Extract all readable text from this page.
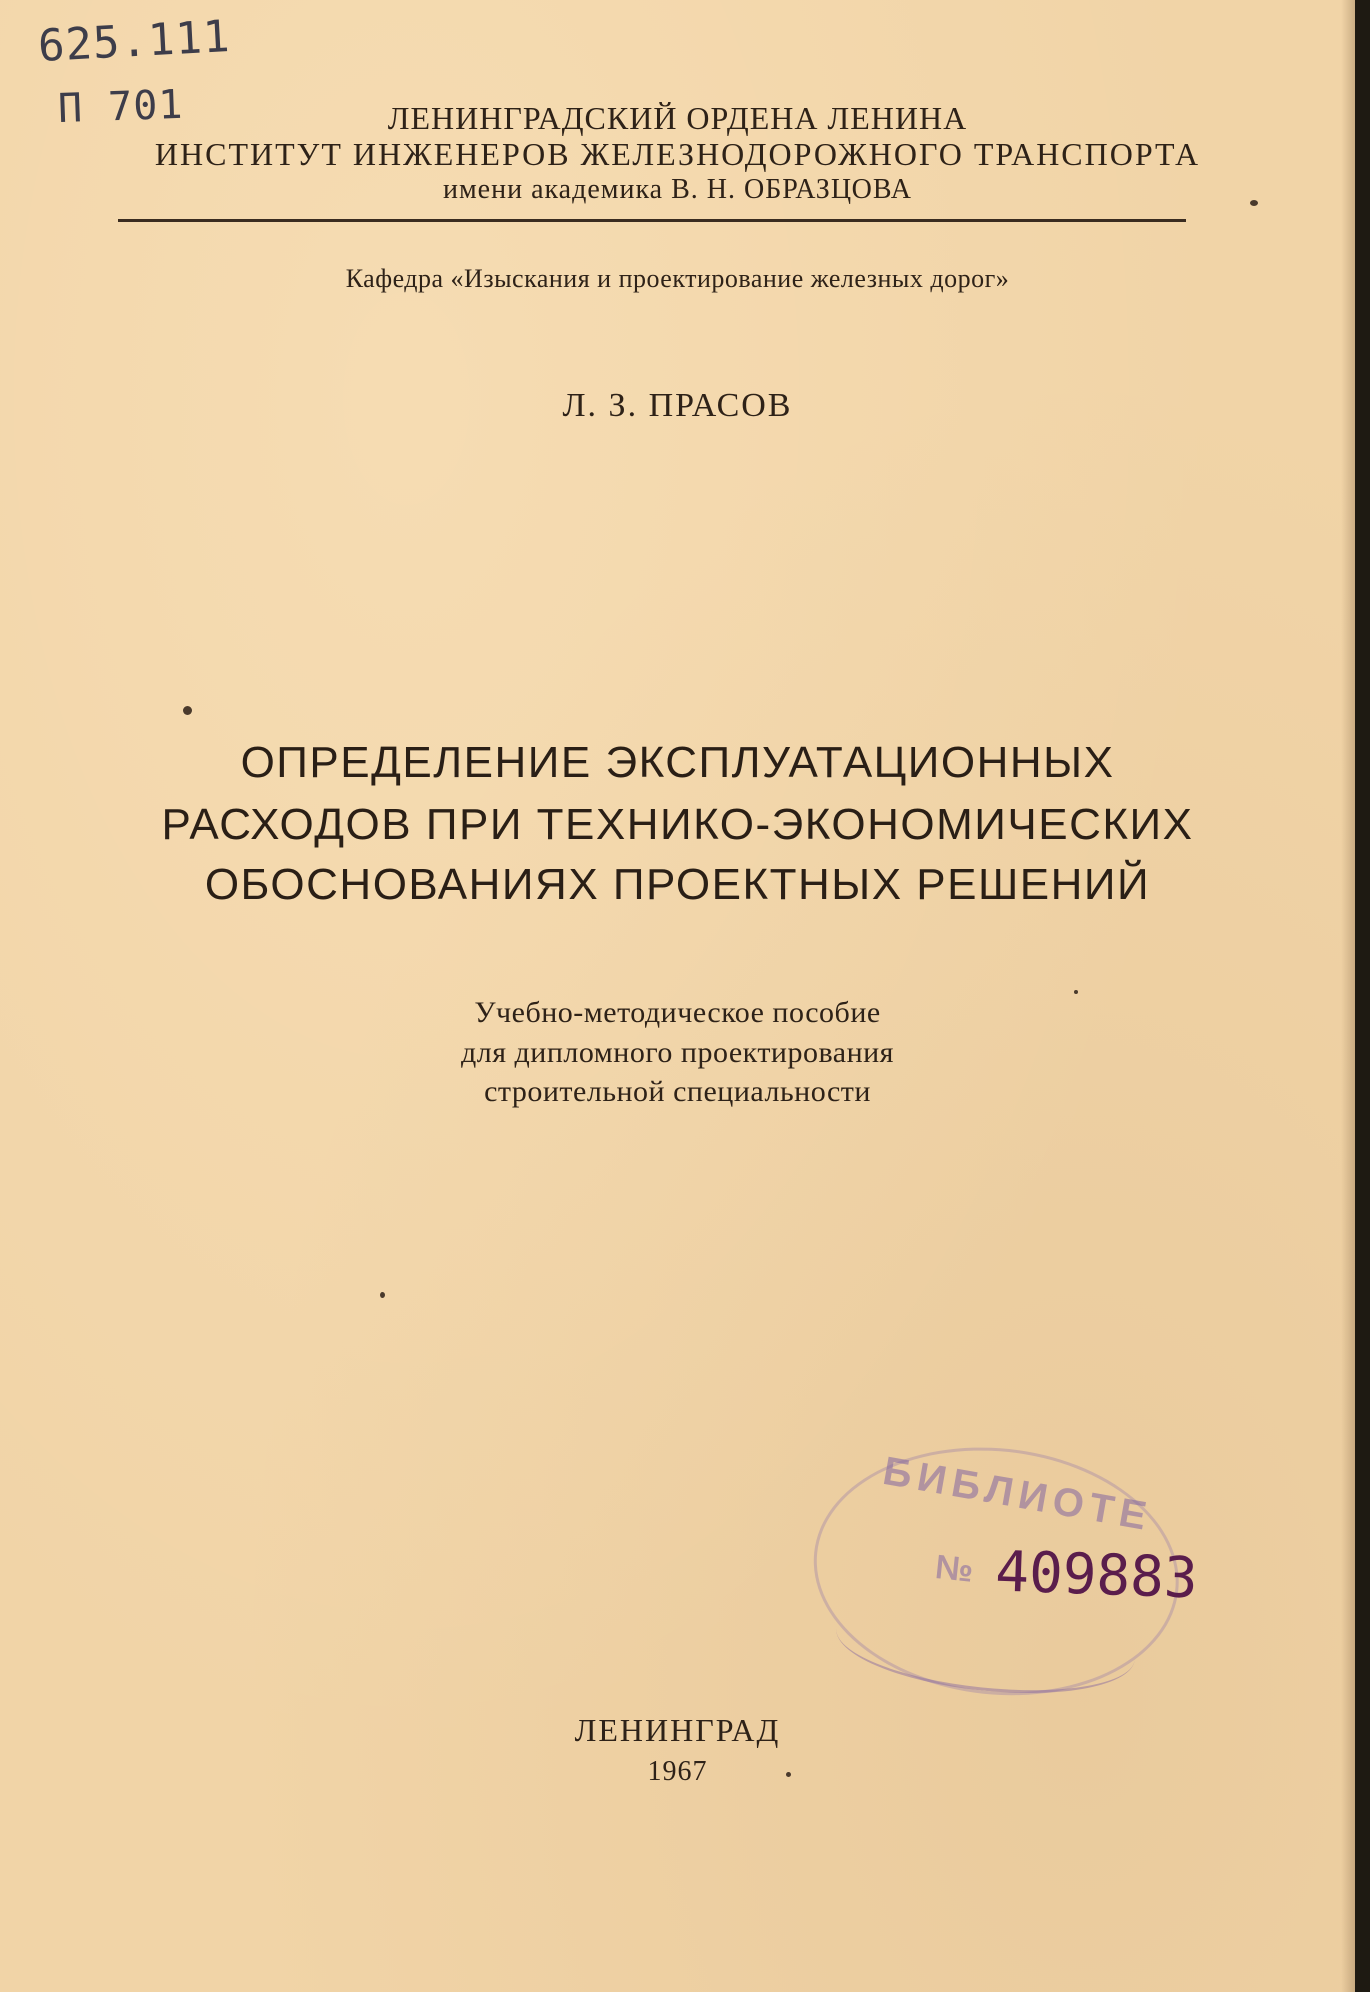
625.111
П 701	ЛЕНИНГРАДСКИЙ ОРДЕНА ЛЕНИНА
ИНСТИТУТ ИНЖЕНЕРОВ ЖЕЛЕЗНОДОРОЖНОГО ТРАНСПОРТА
имени академика В. Н. ОБРАЗЦОВА
Кафедра «Изыскания и проектирование железных дорог»
Л. З. ПРАСОВ
ОПРЕДЕЛЕНИЕ ЭКСПЛУАТАЦИОННЫХ
РАСХОДОВ ПРИ ТЕХНИКО-ЭКОНОМИЧЕСКИХ
ОБОСНОВАНИЯХ ПРОЕКТНЫХ РЕШЕНИЙ
Учебно-методическое пособие
для дипломного проектирования
строительной специальности
БИБЛИОТЕ
№ 409883
ЛЕНИНГРАД
1967
